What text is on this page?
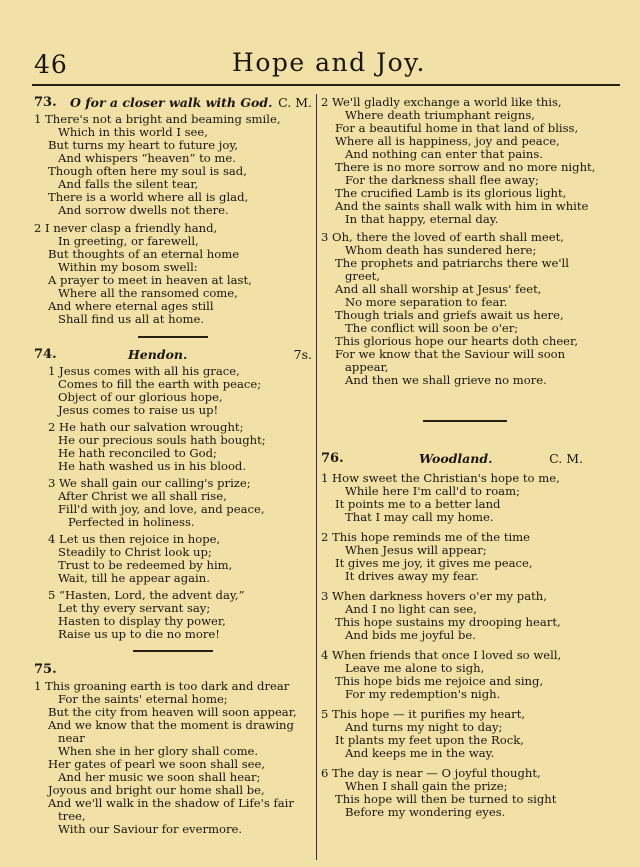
46	Hope and Joy.
73. O for a closer walk with God. C. M.
1 There's not a bright and beaming smile,
Which in this world I see,
But turns my heart to future joy,
And whispers “heaven” to me.
Though often here my soul is sad,
And falls the silent tear,
There is a world where all is glad,
And sorrow dwells not there.
2 I never clasp a friendly hand,
In greeting, or farewell,
But thoughts of an eternal home
Within my bosom swell:
A prayer to meet in heaven at last,
Where all the ransomed come,
And where eternal ages still
Shall find us all at home.
74.	Hendon.	7s.
1 Jesus comes with all his grace,
Comes to fill the earth with peace;
Object of our glorious hope,
Jesus comes to raise us up!
2 He hath our salvation wrought;
He our precious souls hath bought;
He hath reconciled to God;
He hath washed us in his blood.
3 We shall gain our calling's prize;
After Christ we all shall rise,
Fill'd with joy, and love, and peace,
Perfected in holiness.
4 Let us then rejoice in hope,
Steadily to Christ look up;
Trust to be redeemed by him,
Wait, till he appear again.
5 “Hasten, Lord, the advent day,”
Let thy every servant say;
Hasten to display thy power,
Raise us up to die no more!
75.
1 This groaning earth is too dark and drear
For the saints' eternal home;
But the city from heaven will soon appear,
And we know that the moment is drawing
near
When she in her glory shall come.
Her gates of pearl we soon shall see,
And her music we soon shall hear;
Joyous and bright our home shall be,
And we'll walk in the shadow of Life's fair
tree,
With our Saviour for evermore.
2 We'll gladly exchange a world like this,
Where death triumphant reigns,
For a beautiful home in that land of bliss,
Where all is happiness, joy and peace,
And nothing can enter that pains.
There is no more sorrow and no more night,
For the darkness shall flee away;
The crucified Lamb is its glorious light,
And the saints shall walk with him in white
In that happy, eternal day.
3 Oh, there the loved of earth shall meet,
Whom death has sundered here;
The prophets and patriarchs there we'll
greet,
And all shall worship at Jesus' feet,
No more separation to fear.
Though trials and griefs await us here,
The conflict will soon be o'er;
This glorious hope our hearts doth cheer,
For we know that the Saviour will soon
appear,
And then we shall grieve no more.
76.	Woodland.	C. M.
1 How sweet the Christian's hope to me,
While here I'm call'd to roam;
It points me to a better land
That I may call my home.
2 This hope reminds me of the time
When Jesus will appear;
It gives me joy, it gives me peace,
It drives away my fear.
3 When darkness hovers o'er my path,
And I no light can see,
This hope sustains my drooping heart,
And bids me joyful be.
4 When friends that once I loved so well,
Leave me alone to sigh,
This hope bids me rejoice and sing,
For my redemption's nigh.
5 This hope — it purifies my heart,
And turns my night to day;
It plants my feet upon the Rock,
And keeps me in the way.
6 The day is near — O joyful thought,
When I shall gain the prize;
This hope will then be turned to sight
Before my wondering eyes.
